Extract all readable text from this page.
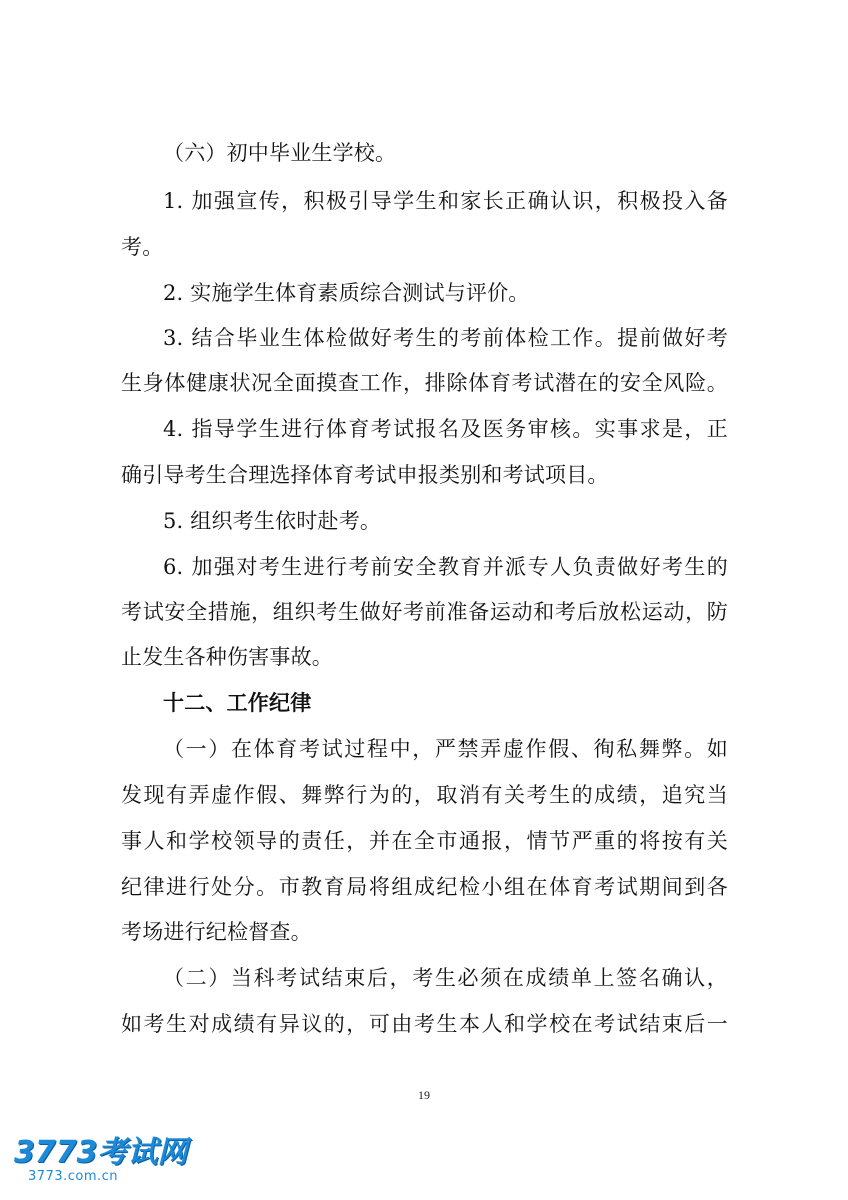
（六）初中毕业生学校。
1. 加强宣传，积极引导学生和家长正确认识，积极投入备
考。
2. 实施学生体育素质综合测试与评价。
3. 结合毕业生体检做好考生的考前体检工作。提前做好考
生身体健康状况全面摸查工作，排除体育考试潜在的安全风险。
4. 指导学生进行体育考试报名及医务审核。实事求是，正
确引导考生合理选择体育考试申报类别和考试项目。
5. 组织考生依时赴考。
6. 加强对考生进行考前安全教育并派专人负责做好考生的
考试安全措施，组织考生做好考前准备运动和考后放松运动，防
止发生各种伤害事故。
十二、工作纪律
（一）在体育考试过程中，严禁弄虚作假、徇私舞弊。如
发现有弄虚作假、舞弊行为的，取消有关考生的成绩，追究当
事人和学校领导的责任，并在全市通报，情节严重的将按有关
纪律进行处分。市教育局将组成纪检小组在体育考试期间到各
考场进行纪检督查。
（二）当科考试结束后，考生必须在成绩单上签名确认，
如考生对成绩有异议的，可由考生本人和学校在考试结束后一
19
3773考试网
3773.com.cn
